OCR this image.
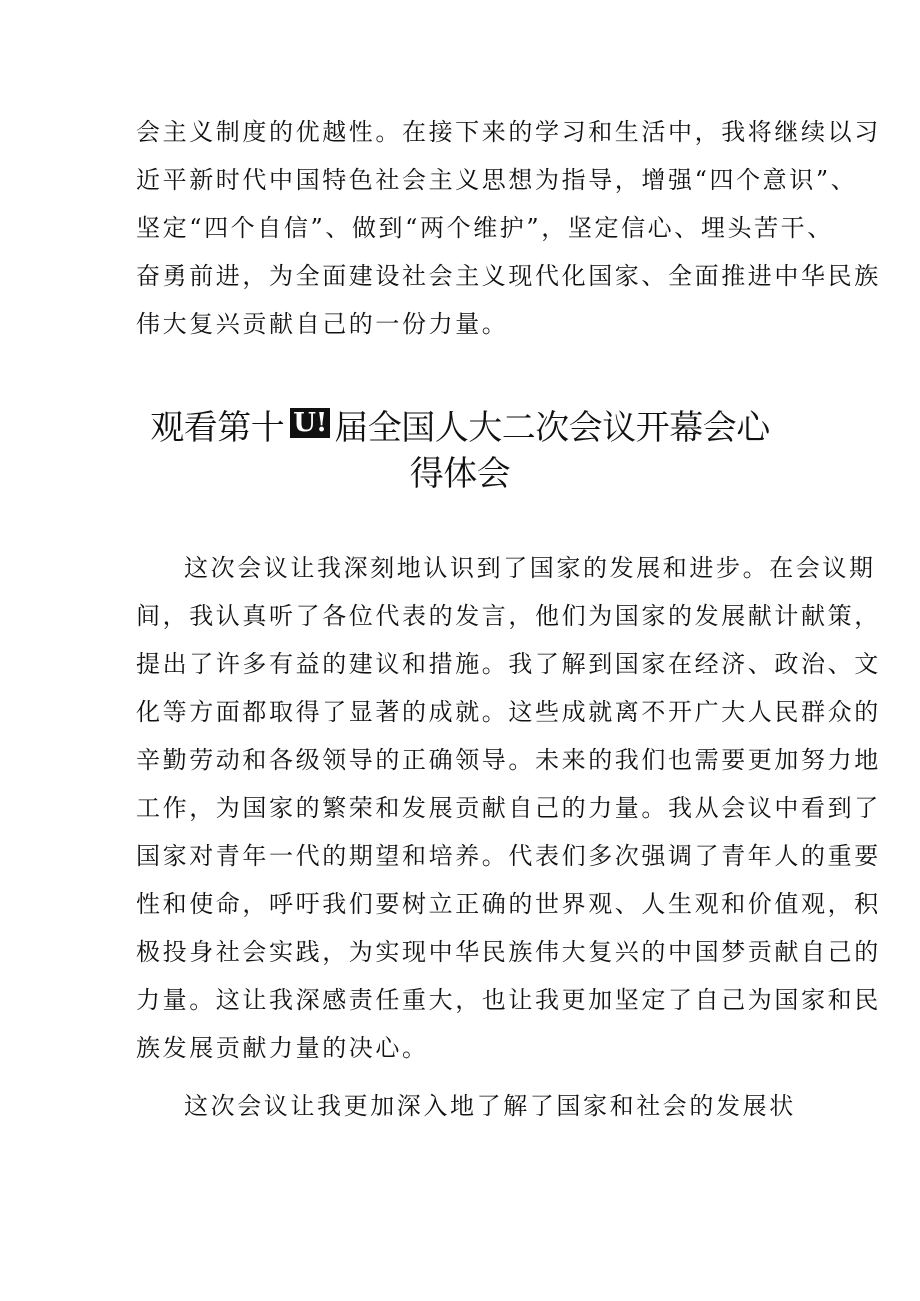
会主义制度的优越性。在接下来的学习和生活中，我将继续以习
近平新时代中国特色社会主义思想为指导，增强“四个意识”、
坚定“四个自信”、做到“两个维护”，坚定信心、埋头苦干、
奋勇前进，为全面建设社会主义现代化国家、全面推进中华民族
伟大复兴贡献自己的一份力量。
观看第十 U! 届全国人大二次会议开幕会心
得体会
这次会议让我深刻地认识到了国家的发展和进步。在会议期
间，我认真听了各位代表的发言，他们为国家的发展献计献策，
提出了许多有益的建议和措施。我了解到国家在经济、政治、文
化等方面都取得了显著的成就。这些成就离不开广大人民群众的
辛勤劳动和各级领导的正确领导。未来的我们也需要更加努力地
工作，为国家的繁荣和发展贡献自己的力量。我从会议中看到了
国家对青年一代的期望和培养。代表们多次强调了青年人的重要
性和使命，呼吁我们要树立正确的世界观、人生观和价值观，积
极投身社会实践，为实现中华民族伟大复兴的中国梦贡献自己的
力量。这让我深感责任重大，也让我更加坚定了自己为国家和民
族发展贡献力量的决心。
这次会议让我更加深入地了解了国家和社会的发展状
